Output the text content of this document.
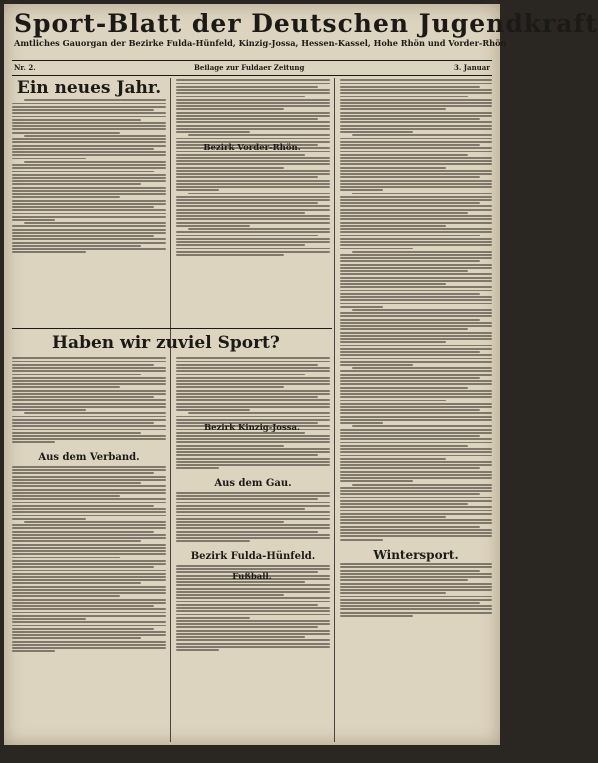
Sport-Blatt der Deutschen Jugendkraft
Amtliches Gauorgan der Bezirke Fulda-Hünfeld, Kinzig-Jossa, Hessen-Kassel, Hohe Rhön und Vorder-Rhön
Nr. 2.	Beilage zur Fuldaer Zeitung	3. Januar
Ein neues Jahr.
Haben wir zuviel Sport?
Aus dem Verband.
Aus dem Gau.
Bezirk Fulda-Hünfeld.	Wintersport.
Bezirk Vorder-Rhön.
Bezirk Kinzig-Jossa.
Fußball.
